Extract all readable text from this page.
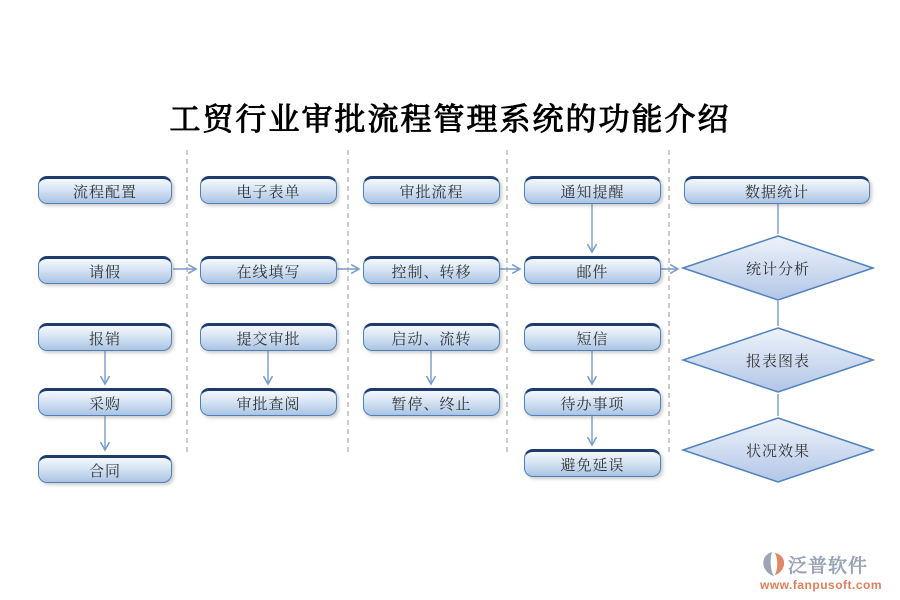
工贸行业审批流程管理系统的功能介绍
流程配置
请假
报销
采购
合同
电子表单
在线填写
提交审批
审批查阅
审批流程
控制、转移
启动、流转
暂停、终止
通知提醒
邮件
短信
待办事项
避免延误
数据统计
统计分析
报表图表
状况效果
泛普软件
www.fanpusoft.com
